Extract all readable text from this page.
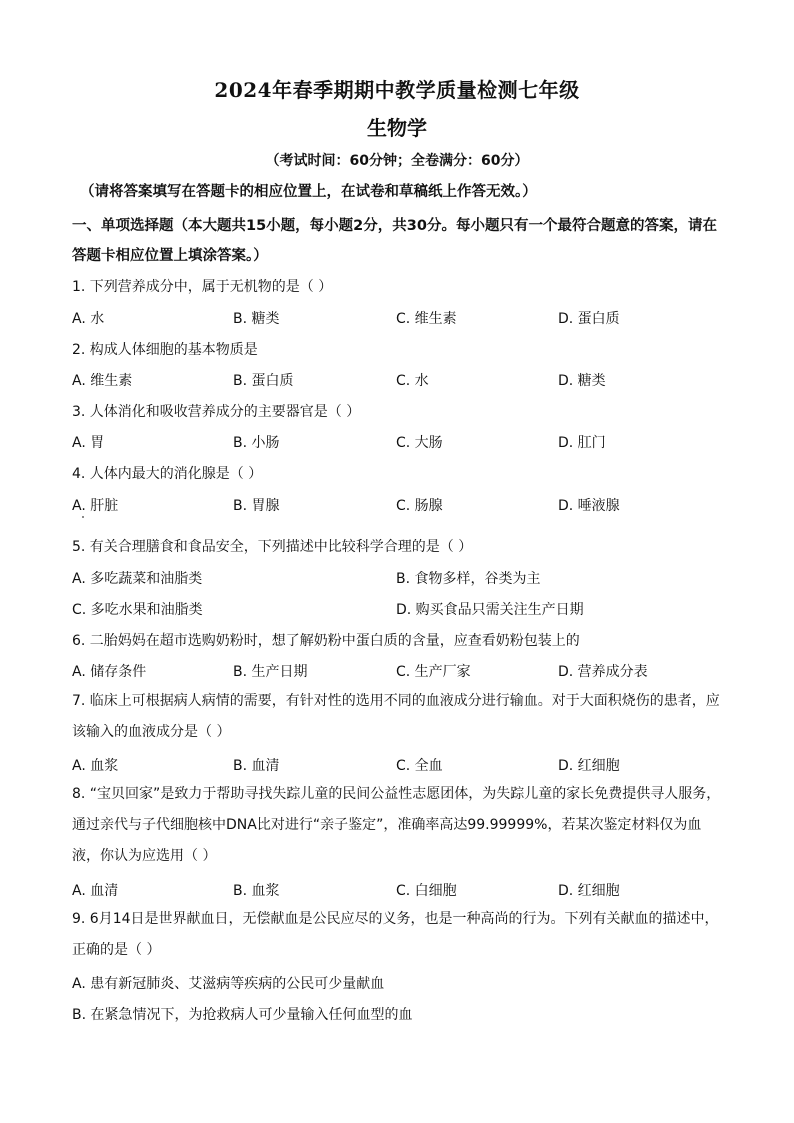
2024年春季期期中教学质量检测七年级
生物学
（考试时间：60分钟；全卷满分：60分）
（请将答案填写在答题卡的相应位置上，在试卷和草稿纸上作答无效。）
一、单项选择题（本大题共15小题，每小题2分，共30分。每小题只有一个最符合题意的答案，请在答题卡相应位置上填涂答案。）
1. 下列营养成分中，属于无机物的是（ ）
A. 水	B. 糖类	C. 维生素	D. 蛋白质
2. 构成人体细胞的基本物质是
A. 维生素	B. 蛋白质	C. 水	D. 糖类
3. 人体消化和吸收营养成分的主要器官是（ ）
A. 胃	B. 小肠	C. 大肠	D. 肛门
4. 人体内最大的消化腺是（ ）
A. 肝脏	B. 胃腺	C. 肠腺	D. 唾液腺
5. 有关合理膳食和食品安全，下列描述中比较科学合理的是（ ）
A. 多吃蔬菜和油脂类	B. 食物多样，谷类为主
C. 多吃水果和油脂类	D. 购买食品只需关注生产日期
6. 二胎妈妈在超市选购奶粉时，想了解奶粉中蛋白质的含量，应查看奶粉包装上的
A. 储存条件	B. 生产日期	C. 生产厂家	D. 营养成分表
7. 临床上可根据病人病情的需要，有针对性的选用不同的血液成分进行输血。对于大面积烧伤的患者，应该输入的血液成分是（ ）
A. 血浆	B. 血清	C. 全血	D. 红细胞
8. “宝贝回家”是致力于帮助寻找失踪儿童的民间公益性志愿团体，为失踪儿童的家长免费提供寻人服务，通过亲代与子代细胞核中DNA比对进行“亲子鉴定”，准确率高达99.99999%，若某次鉴定材料仅为血液，你认为应选用（ ）
A. 血清	B. 血浆	C. 白细胞	D. 红细胞
9. 6月14日是世界献血日，无偿献血是公民应尽的义务，也是一种高尚的行为。下列有关献血的描述中，正确的是（ ）
A. 患有新冠肺炎、艾滋病等疾病的公民可少量献血
B. 在紧急情况下，为抢救病人可少量输入任何血型的血
